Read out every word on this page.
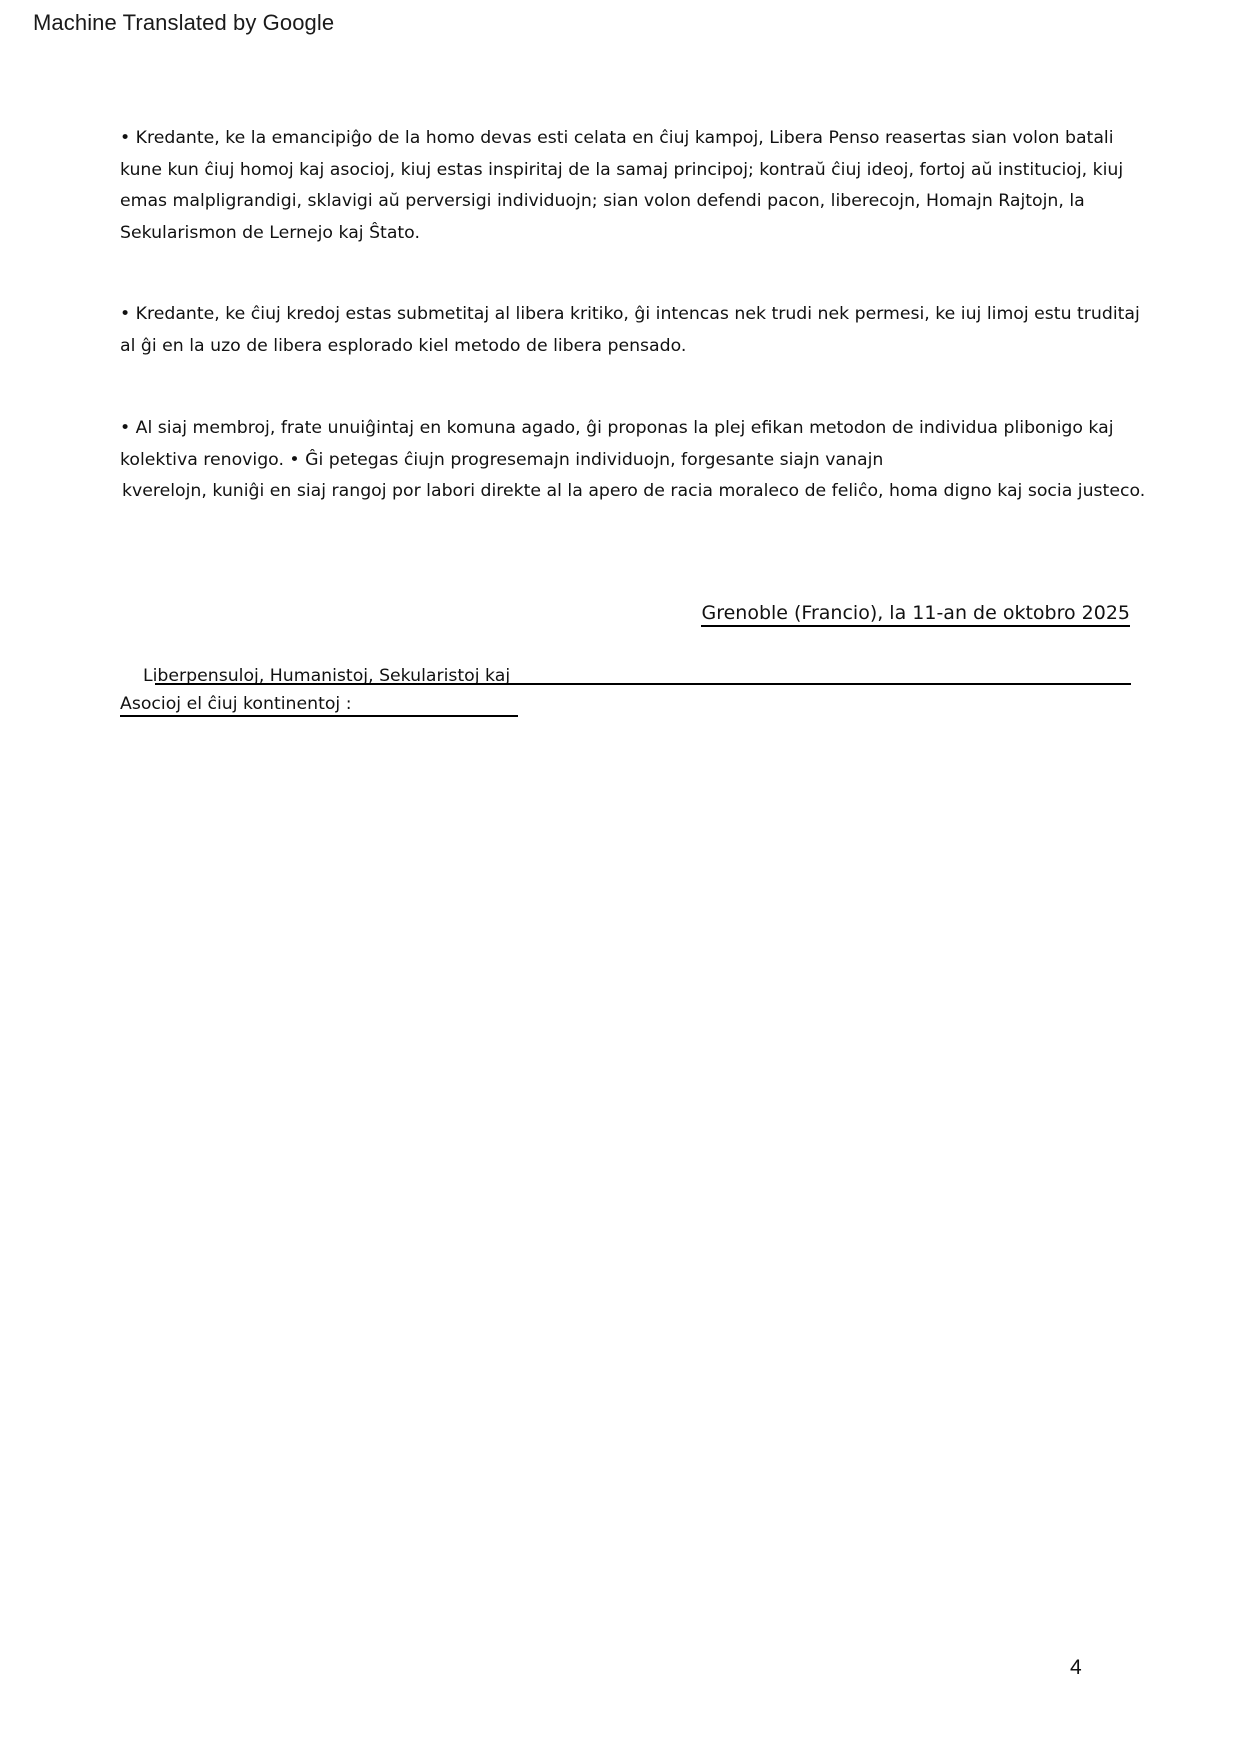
Machine Translated by Google
• Kredante, ke la emancipiĝo de la homo devas esti celata en ĉiuj kampoj, Libera Penso reasertas sian volon batali
kune kun ĉiuj homoj kaj asocioj, kiuj estas inspiritaj de la samaj principoj; kontraŭ ĉiuj ideoj, fortoj aŭ institucioj, kiuj
emas malpligrandigi, sklavigi aŭ perversigi individuojn; sian volon defendi pacon, liberecojn, Homajn Rajtojn, la
Sekularismon de Lernejo kaj Ŝtato.
• Kredante, ke ĉiuj kredoj estas submetitaj al libera kritiko, ĝi intencas nek trudi nek permesi, ke iuj limoj estu truditaj
al ĝi en la uzo de libera esplorado kiel metodo de libera pensado.
• Al siaj membroj, frate unuiĝintaj en komuna agado, ĝi proponas la plej efikan metodon de individua plibonigo kaj
kolektiva renovigo. • Ĝi petegas ĉiujn progresemajn individuojn, forgesante siajn vanajn
kverelojn, kuniĝi en siaj rangoj por labori direkte al la apero de racia moraleco de feliĉo, homa digno kaj socia justeco.
Grenoble (Francio), la 11-an de oktobro 2025
Liberpensuloj, Humanistoj, Sekularistoj kaj
Asocioj el ĉiuj kontinentoj :
4
